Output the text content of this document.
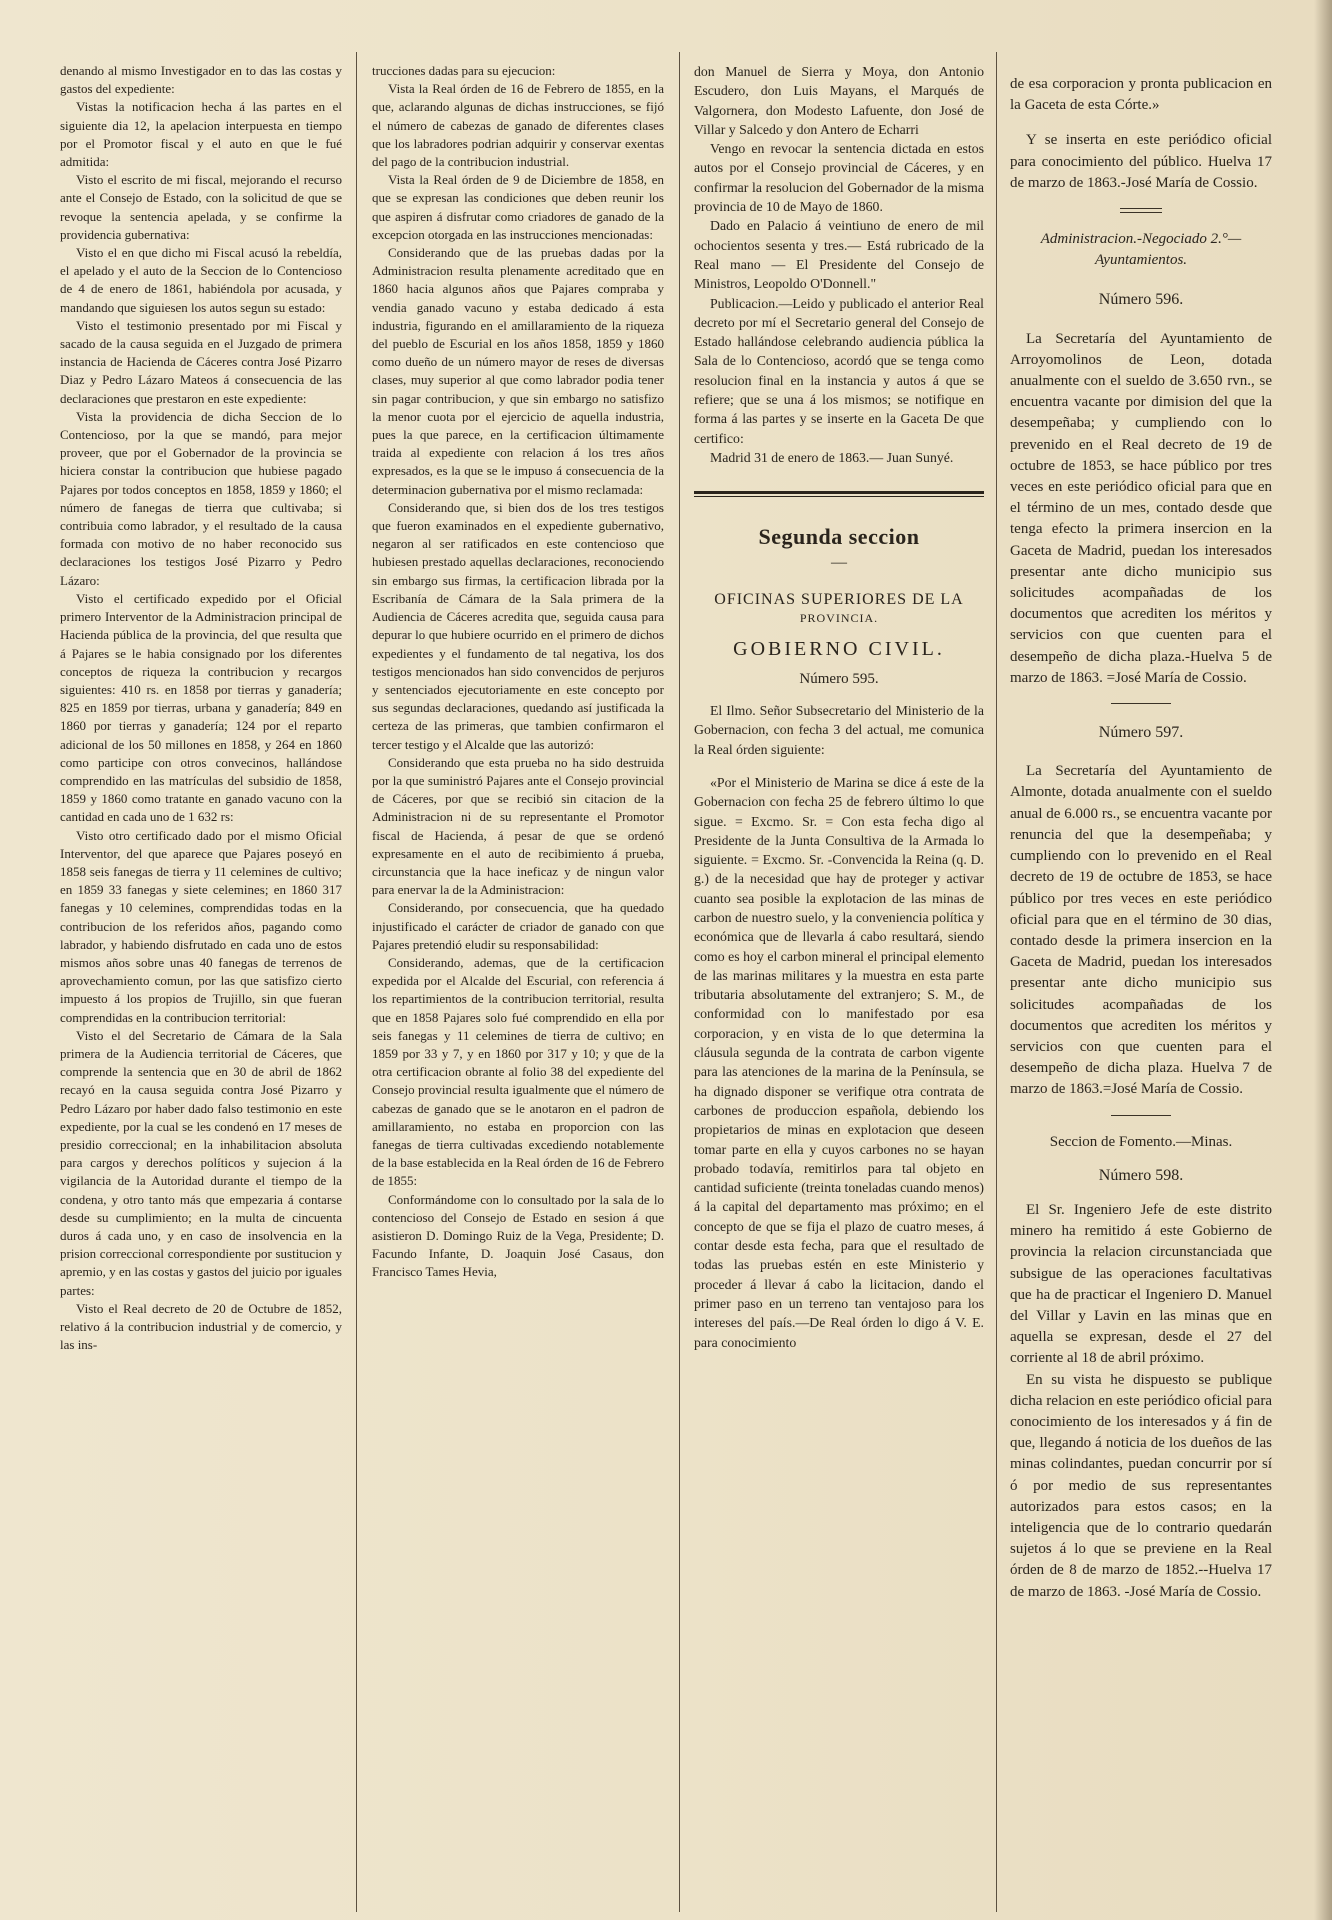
denando al mismo Investigador en to das las costas y gastos del expediente:

Vistas la notificacion hecha á las partes en el siguiente dia 12, la apelacion interpuesta en tiempo por el Promotor fiscal y el auto en que le fué admitida:

Visto el escrito de mi fiscal, mejorando el recurso ante el Consejo de Estado, con la solicitud de que se revoque la sentencia apelada, y se confirme la providencia gubernativa:

Visto el en que dicho mi Fiscal acusó la rebeldía, el apelado y el auto de la Seccion de lo Contencioso de 4 de enero de 1861, habiéndola por acusada, y mandando que siguiesen los autos segun su estado:

Visto el testimonio presentado por mi Fiscal y sacado de la causa seguida en el Juzgado de primera instancia de Hacienda de Cáceres contra José Pizarro Diaz y Pedro Lázaro Mateos á consecuencia de las declaraciones que prestaron en este expediente:

Vista la providencia de dicha Seccion de lo Contencioso, por la que se mandó, para mejor proveer, que por el Gobernador de la provincia se hiciera constar la contribucion que hubiese pagado Pajares por todos conceptos en 1858, 1859 y 1860; el número de fanegas de tierra que cultivaba; si contribuia como labrador, y el resultado de la causa formada con motivo de no haber reconocido sus declaraciones los testigos José Pizarro y Pedro Lázaro:

Visto el certificado expedido por el Oficial primero Interventor de la Administracion principal de Hacienda pública de la provincia, del que resulta que á Pajares se le habia consignado por los diferentes conceptos de riqueza la contribucion y recargos siguientes: 410 rs. en 1858 por tierras y ganadería; 825 en 1859 por tierras, urbana y ganadería; 849 en 1860 por tierras y ganadería; 124 por el reparto adicional de los 50 millones en 1858, y 264 en 1860 como participe con otros convecinos, hallándose comprendido en las matrículas del subsidio de 1858, 1859 y 1860 como tratante en ganado vacuno con la cantidad en cada uno de 1 632 rs:

Visto otro certificado dado por el mismo Oficial Interventor, del que aparece que Pajares poseyó en 1858 seis fanegas de tierra y 11 celemines de cultivo; en 1859 33 fanegas y siete celemines; en 1860 317 fanegas y 10 celemines, comprendidas todas en la contribucion de los referidos años, pagando como labrador, y habiendo disfrutado en cada uno de estos mismos años sobre unas 40 fanegas de terrenos de aprovechamiento comun, por las que satisfizo cierto impuesto á los propios de Trujillo, sin que fueran comprendidas en la contribucion territorial:

Visto el del Secretario de Cámara de la Sala primera de la Audiencia territorial de Cáceres, que comprende la sentencia que en 30 de abril de 1862 recayó en la causa seguida contra José Pizarro y Pedro Lázaro por haber dado falso testimonio en este expediente, por la cual se les condenó en 17 meses de presidio correccional; en la inhabilitacion absoluta para cargos y derechos políticos y sujecion á la vigilancia de la Autoridad durante el tiempo de la condena, y otro tanto más que empezaria á contarse desde su cumplimiento; en la multa de cincuenta duros á cada uno, y en caso de insolvencia en la prision correccional correspondiente por sustitucion y apremio, y en las costas y gastos del juicio por iguales partes:

Visto el Real decreto de 20 de Octubre de 1852, relativo á la contribucion industrial y de comercio, y las ins-

trucciones dadas para su ejecucion:

Vista la Real órden de 16 de Febrero de 1855, en la que, aclarando algunas de dichas instrucciones, se fijó el número de cabezas de ganado de diferentes clases que los labradores podrian adquirir y conservar exentas del pago de la contribucion industrial.

Vista la Real órden de 9 de Diciembre de 1858, en que se expresan las condiciones que deben reunir los que aspiren á disfrutar como criadores de ganado de la excepcion otorgada en las instrucciones mencionadas:

Considerando que de las pruebas dadas por la Administracion resulta plenamente acreditado que en 1860 hacia algunos años que Pajares compraba y vendia ganado vacuno y estaba dedicado á esta industria, figurando en el amillaramiento de la riqueza del pueblo de Escurial en los años 1858, 1859 y 1860 como dueño de un número mayor de reses de diversas clases, muy superior al que como labrador podia tener sin pagar contribucion, y que sin embargo no satisfizo la menor cuota por el ejercicio de aquella industria, pues la que parece, en la certificacion últimamente traida al expediente con relacion á los tres años expresados, es la que se le impuso á consecuencia de la determinacion gubernativa por el mismo reclamada:

Considerando que, si bien dos de los tres testigos que fueron examinados en el expediente gubernativo, negaron al ser ratificados en este contencioso que hubiesen prestado aquellas declaraciones, reconociendo sin embargo sus firmas, la certificacion librada por la Escribanía de Cámara de la Sala primera de la Audiencia de Cáceres acredita que, seguida causa para depurar lo que hubiere ocurrido en el primero de dichos expedientes y el fundamento de tal negativa, los dos testigos mencionados han sido convencidos de perjuros y sentenciados ejecutoriamente en este concepto por sus segundas declaraciones, quedando así justificada la certeza de las primeras, que tambien confirmaron el tercer testigo y el Alcalde que las autorizó:

Considerando que esta prueba no ha sido destruida por la que suministró Pajares ante el Consejo provincial de Cáceres, por que se recibió sin citacion de la Administracion ni de su representante el Promotor fiscal de Hacienda, á pesar de que se ordenó expresamente en el auto de recibimiento á prueba, circunstancia que la hace ineficaz y de ningun valor para enervar la de la Administracion:

Considerando, por consecuencia, que ha quedado injustificado el carácter de criador de ganado con que Pajares pretendió eludir su responsabilidad:

Considerando, ademas, que de la certificacion expedida por el Alcalde del Escurial, con referencia á los repartimientos de la contribucion territorial, resulta que en 1858 Pajares solo fué comprendido en ella por seis fanegas y 11 celemines de tierra de cultivo; en 1859 por 33 y 7, y en 1860 por 317 y 10; y que de la otra certificacion obrante al folio 38 del expediente del Consejo provincial resulta igualmente que el número de cabezas de ganado que se le anotaron en el padron de amillaramiento, no estaba en proporcion con las fanegas de tierra cultivadas excediendo notablemente de la base establecida en la Real órden de 16 de Febrero de 1855:

Conformándome con lo consultado por la sala de lo contencioso del Consejo de Estado en sesion á que asistieron D. Domingo Ruiz de la Vega, Presidente; D. Facundo Infante, D. Joaquin José Casaus, don Francisco Tames Hevia,

don Manuel de Sierra y Moya, don Antonio Escudero, don Luis Mayans, el Marqués de Valgornera, don Modesto Lafuente, don José de Villar y Salcedo y don Antero de Echarri

Vengo en revocar la sentencia dictada en estos autos por el Consejo provincial de Cáceres, y en confirmar la resolucion del Gobernador de la misma provincia de 10 de Mayo de 1860.

Dado en Palacio á veintiuno de enero de mil ochocientos sesenta y tres.— Está rubricado de la Real mano — El Presidente del Consejo de Ministros, Leopoldo O'Donnell."

Publicacion.—Leido y publicado el anterior Real decreto por mí el Secretario general del Consejo de Estado hallándose celebrando audiencia pública la Sala de lo Contencioso, acordó que se tenga como resolucion final en la instancia y autos á que se refiere; que se una á los mismos; se notifique en forma á las partes y se inserte en la Gaceta De que certifico:

Madrid 31 de enero de 1863.— Juan Sunyé.

Segunda seccion

—

OFICINAS SUPERIORES DE LA

PROVINCIA.

GOBIERNO CIVIL.

Número 595.

El Ilmo. Señor Subsecretario del Ministerio de la Gobernacion, con fecha 3 del actual, me comunica la Real órden siguiente:

«Por el Ministerio de Marina se dice á este de la Gobernacion con fecha 25 de febrero último lo que sigue. = Excmo. Sr. = Con esta fecha digo al Presidente de la Junta Consultiva de la Armada lo siguiente. = Excmo. Sr. -Convencida la Reina (q. D. g.) de la necesidad que hay de proteger y activar cuanto sea posible la explotacion de las minas de carbon de nuestro suelo, y la conveniencia política y económica que de llevarla á cabo resultará, siendo como es hoy el carbon mineral el principal elemento de las marinas militares y la muestra en esta parte tributaria absolutamente del extranjero; S. M., de conformidad con lo manifestado por esa corporacion, y en vista de lo que determina la cláusula segunda de la contrata de carbon vigente para las atenciones de la marina de la Península, se ha dignado disponer se verifique otra contrata de carbones de produccion española, debiendo los propietarios de minas en explotacion que deseen tomar parte en ella y cuyos carbones no se hayan probado todavía, remitirlos para tal objeto en cantidad suficiente (treinta toneladas cuando menos) á la capital del departamento mas próximo; en el concepto de que se fija el plazo de cuatro meses, á contar desde esta fecha, para que el resultado de todas las pruebas estén en este Ministerio y proceder á llevar á cabo la licitacion, dando el primer paso en un terreno tan ventajoso para los intereses del país.—De Real órden lo digo á V. E. para conocimiento

de esa corporacion y pronta publicacion en la Gaceta de esta Córte.»

Y se inserta en este periódico oficial para conocimiento del público. Huelva 17 de marzo de 1863.-José María de Cossio.

Administracion.-Negociado 2.°—

Ayuntamientos.

Número 596.

La Secretaría del Ayuntamiento de Arroyomolinos de Leon, dotada anualmente con el sueldo de 3.650 rvn., se encuentra vacante por dimision del que la desempeñaba; y cumpliendo con lo prevenido en el Real decreto de 19 de octubre de 1853, se hace público por tres veces en este periódico oficial para que en el término de un mes, contado desde que tenga efecto la primera insercion en la Gaceta de Madrid, puedan los interesados presentar ante dicho municipio sus solicitudes acompañadas de los documentos que acrediten los méritos y servicios con que cuenten para el desempeño de dicha plaza.-Huelva 5 de marzo de 1863. =José María de Cossio.

Número 597.

La Secretaría del Ayuntamiento de Almonte, dotada anualmente con el sueldo anual de 6.000 rs., se encuentra vacante por renuncia del que la desempeñaba; y cumpliendo con lo prevenido en el Real decreto de 19 de octubre de 1853, se hace público por tres veces en este periódico oficial para que en el término de 30 dias, contado desde la primera insercion en la Gaceta de Madrid, puedan los interesados presentar ante dicho municipio sus solicitudes acompañadas de los documentos que acrediten los méritos y servicios con que cuenten para el desempeño de dicha plaza. Huelva 7 de marzo de 1863.=José María de Cossio.

Seccion de Fomento.—Minas.

Número 598.

El Sr. Ingeniero Jefe de este distrito minero ha remitido á este Gobierno de provincia la relacion circunstanciada que subsigue de las operaciones facultativas que ha de practicar el Ingeniero D. Manuel del Villar y Lavin en las minas que en aquella se expresan, desde el 27 del corriente al 18 de abril próximo.

En su vista he dispuesto se publique dicha relacion en este periódico oficial para conocimiento de los interesados y á fin de que, llegando á noticia de los dueños de las minas colindantes, puedan concurrir por sí ó por medio de sus representantes autorizados para estos casos; en la inteligencia que de lo contrario quedarán sujetos á lo que se previene en la Real órden de 8 de marzo de 1852.--Huelva 17 de marzo de 1863. -José María de Cossio.
